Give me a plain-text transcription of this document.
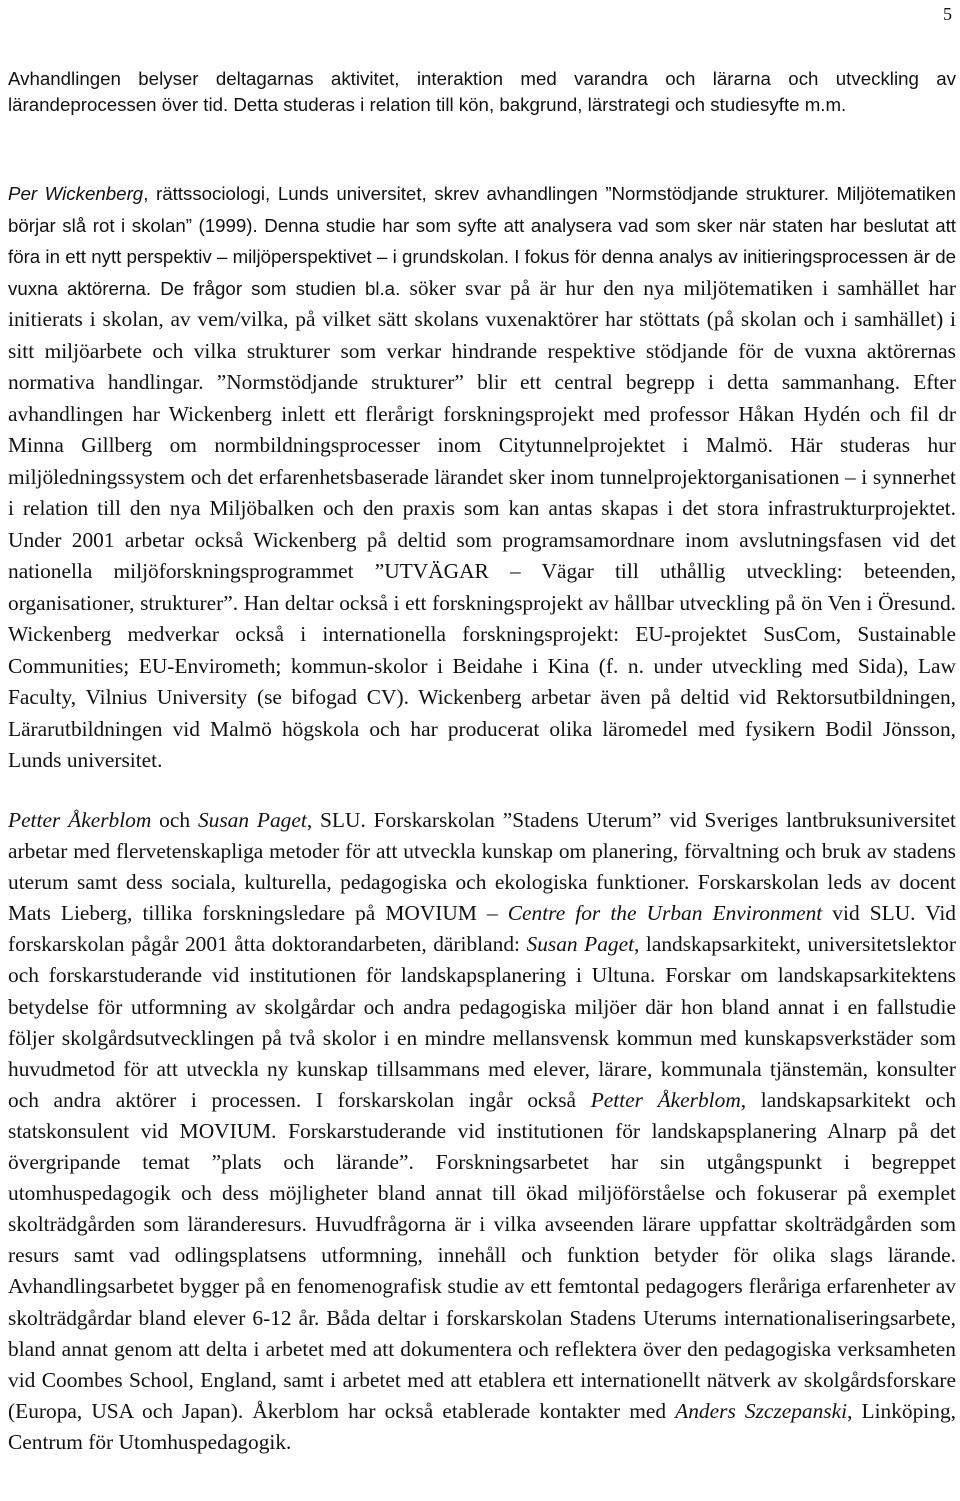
5

Avhandlingen belyser deltagarnas aktivitet, interaktion med varandra och lärarna och utveckling av lärandeprocessen över tid. Detta studeras i relation till kön, bakgrund, lärstrategi och studiesyfte m.m.

Per Wickenberg, rättssociologi, Lunds universitet, skrev avhandlingen ”Normstödjande strukturer. Miljötematiken börjar slå rot i skolan” (1999). Denna studie har som syfte att analysera vad som sker när staten har beslutat att föra in ett nytt perspektiv – miljöperspektivet – i grundskolan. I fokus för denna analys av initieringsprocessen är de vuxna aktörerna. De frågor som studien bl.a. söker svar på är hur den nya miljötematiken i samhället har initierats i skolan, av vem/vilka, på vilket sätt skolans vuxenaktörer har stöttats (på skolan och i samhället) i sitt miljöarbete och vilka strukturer som verkar hindrande respektive stödjande för de vuxna aktörernas normativa handlingar. ”Normstödjande strukturer” blir ett central begrepp i detta sammanhang. Efter avhandlingen har Wickenberg inlett ett flerårigt forskningsprojekt med professor Håkan Hydén och fil dr Minna Gillberg om normbildningsprocesser inom Citytunnelprojektet i Malmö. Här studeras hur miljöledningssystem och det erfarenhetsbaserade lärandet sker inom tunnelprojektorganisationen – i synnerhet i relation till den nya Miljöbalken och den praxis som kan antas skapas i det stora infrastrukturprojektet. Under 2001 arbetar också Wickenberg på deltid som programsamordnare inom avslutningsfasen vid det nationella miljöforskningsprogrammet ”UTVÄGAR – Vägar till uthållig utveckling: beteenden, organisationer, strukturer”. Han deltar också i ett forskningsprojekt av hållbar utveckling på ön Ven i Öresund. Wickenberg medverkar också i internationella forskningsprojekt: EU-projektet SusCom, Sustainable Communities; EU-Envirometh; kommun-skolor i Beidahe i Kina (f. n. under utveckling med Sida), Law Faculty, Vilnius University (se bifogad CV). Wickenberg arbetar även på deltid vid Rektorsutbildningen, Lärarutbildningen vid Malmö högskola och har producerat olika läromedel med fysikern Bodil Jönsson, Lunds universitet.

Petter Åkerblom och Susan Paget, SLU. Forskarskolan ”Stadens Uterum” vid Sveriges lantbruksuniversitet arbetar med flervetenskapliga metoder för att utveckla kunskap om planering, förvaltning och bruk av stadens uterum samt dess sociala, kulturella, pedagogiska och ekologiska funktioner. Forskarskolan leds av docent Mats Lieberg, tillika forskningsledare på MOVIUM – Centre for the Urban Environment vid SLU. Vid forskarskolan pågår 2001 åtta doktorandarbeten, däribland: Susan Paget, landskapsarkitekt, universitetslektor och forskarstuderande vid institutionen för landskapsplanering i Ultuna. Forskar om landskapsarkitektens betydelse för utformning av skolgårdar och andra pedagogiska miljöer där hon bland annat i en fallstudie följer skolgårdsutvecklingen på två skolor i en mindre mellansvensk kommun med kunskapsverkstäder som huvudmetod för att utveckla ny kunskap tillsammans med elever, lärare, kommunala tjänstemän, konsulter och andra aktörer i processen. I forskarskolan ingår också Petter Åkerblom, landskapsarkitekt och statskonsulent vid MOVIUM. Forskarstuderande vid institutionen för landskapsplanering Alnarp på det övergripande temat ”plats och lärande”. Forskningsarbetet har sin utgångspunkt i begreppet utomhuspedagogik och dess möjligheter bland annat till ökad miljöförståelse och fokuserar på exemplet skolträdgården som läranderesurs. Huvudfrågorna är i vilka avseenden lärare uppfattar skolträdgården som resurs samt vad odlingsplatsens utformning, innehåll och funktion betyder för olika slags lärande. Avhandlingsarbetet bygger på en fenomenografisk studie av ett femtontal pedagogers fleråriga erfarenheter av skolträdgårdar bland elever 6-12 år. Båda deltar i forskarskolan Stadens Uterums internationaliseringsarbete, bland annat genom att delta i arbetet med att dokumentera och reflektera över den pedagogiska verksamheten vid Coombes School, England, samt i arbetet med att etablera ett internationellt nätverk av skolgårdsforskare (Europa, USA och Japan). Åkerblom har också etablerade kontakter med Anders Szczepanski, Linköping, Centrum för Utomhuspedagogik.
